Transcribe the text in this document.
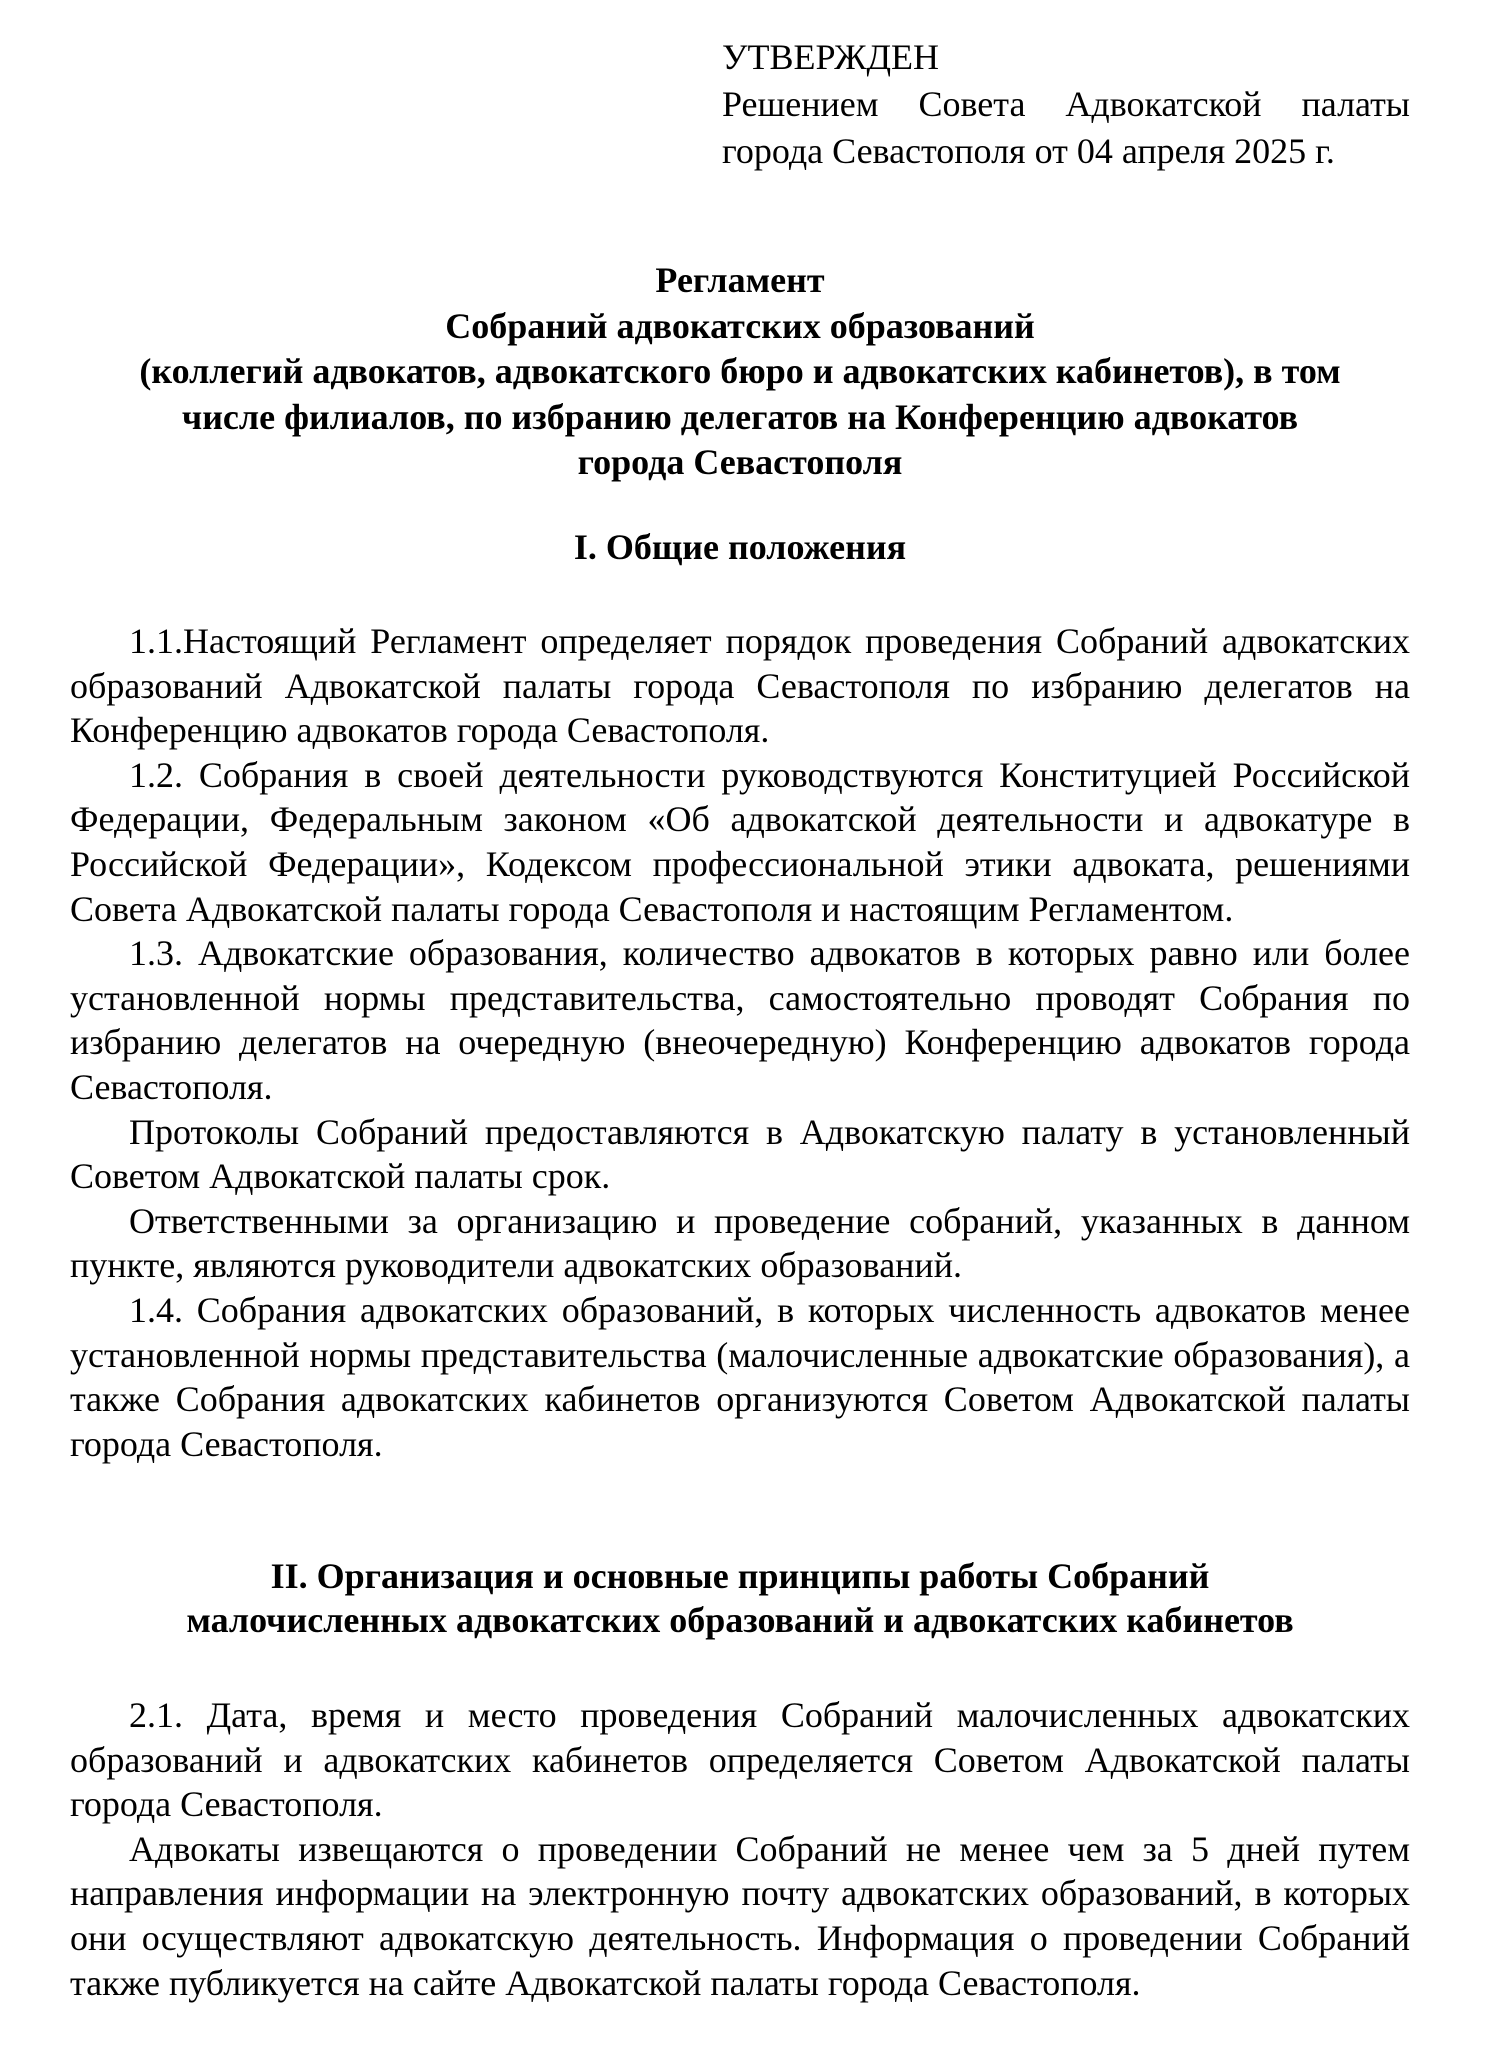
УТВЕРЖДЕН
Решением Совета Адвокатской палаты города Севастополя от 04 апреля 2025 г.
Регламент
Собраний адвокатских образований
(коллегий адвокатов, адвокатского бюро и адвокатских кабинетов), в том
числе филиалов, по избранию делегатов на Конференцию адвокатов
города Севастополя
I. Общие положения

1.1.Настоящий Регламент определяет порядок проведения Собраний адвокатских образований Адвокатской палаты города Севастополя по избранию делегатов на Конференцию адвокатов города Севастополя.

1.2. Собрания в своей деятельности руководствуются Конституцией Российской Федерации, Федеральным законом «Об адвокатской деятельности и адвокатуре в Российской Федерации», Кодексом профессиональной этики адвоката, решениями Совета Адвокатской палаты города Севастополя и настоящим Регламентом.

1.3. Адвокатские образования, количество адвокатов в которых равно или более установленной нормы представительства, самостоятельно проводят Собрания по избранию делегатов на очередную (внеочередную) Конференцию адвокатов города Севастополя.

Протоколы Собраний предоставляются в Адвокатскую палату в установленный Советом Адвокатской палаты срок.

Ответственными за организацию и проведение собраний, указанных в данном пункте, являются руководители адвокатских образований.

1.4. Собрания адвокатских образований, в которых численность адвокатов менее установленной нормы представительства (малочисленные адвокатские образования), а также Собрания адвокатских кабинетов организуются Советом Адвокатской палаты города Севастополя.

II. Организация и основные принципы работы Собраний
малочисленных адвокатских образований и адвокатских кабинетов

2.1. Дата, время и место проведения Собраний малочисленных адвокатских образований и адвокатских кабинетов определяется Советом Адвокатской палаты города Севастополя.

Адвокаты извещаются о проведении Собраний не менее чем за 5 дней путем направления информации на электронную почту адвокатских образований, в которых они осуществляют адвокатскую деятельность. Информация о проведении Собраний также публикуется на сайте Адвокатской палаты города Севастополя.
